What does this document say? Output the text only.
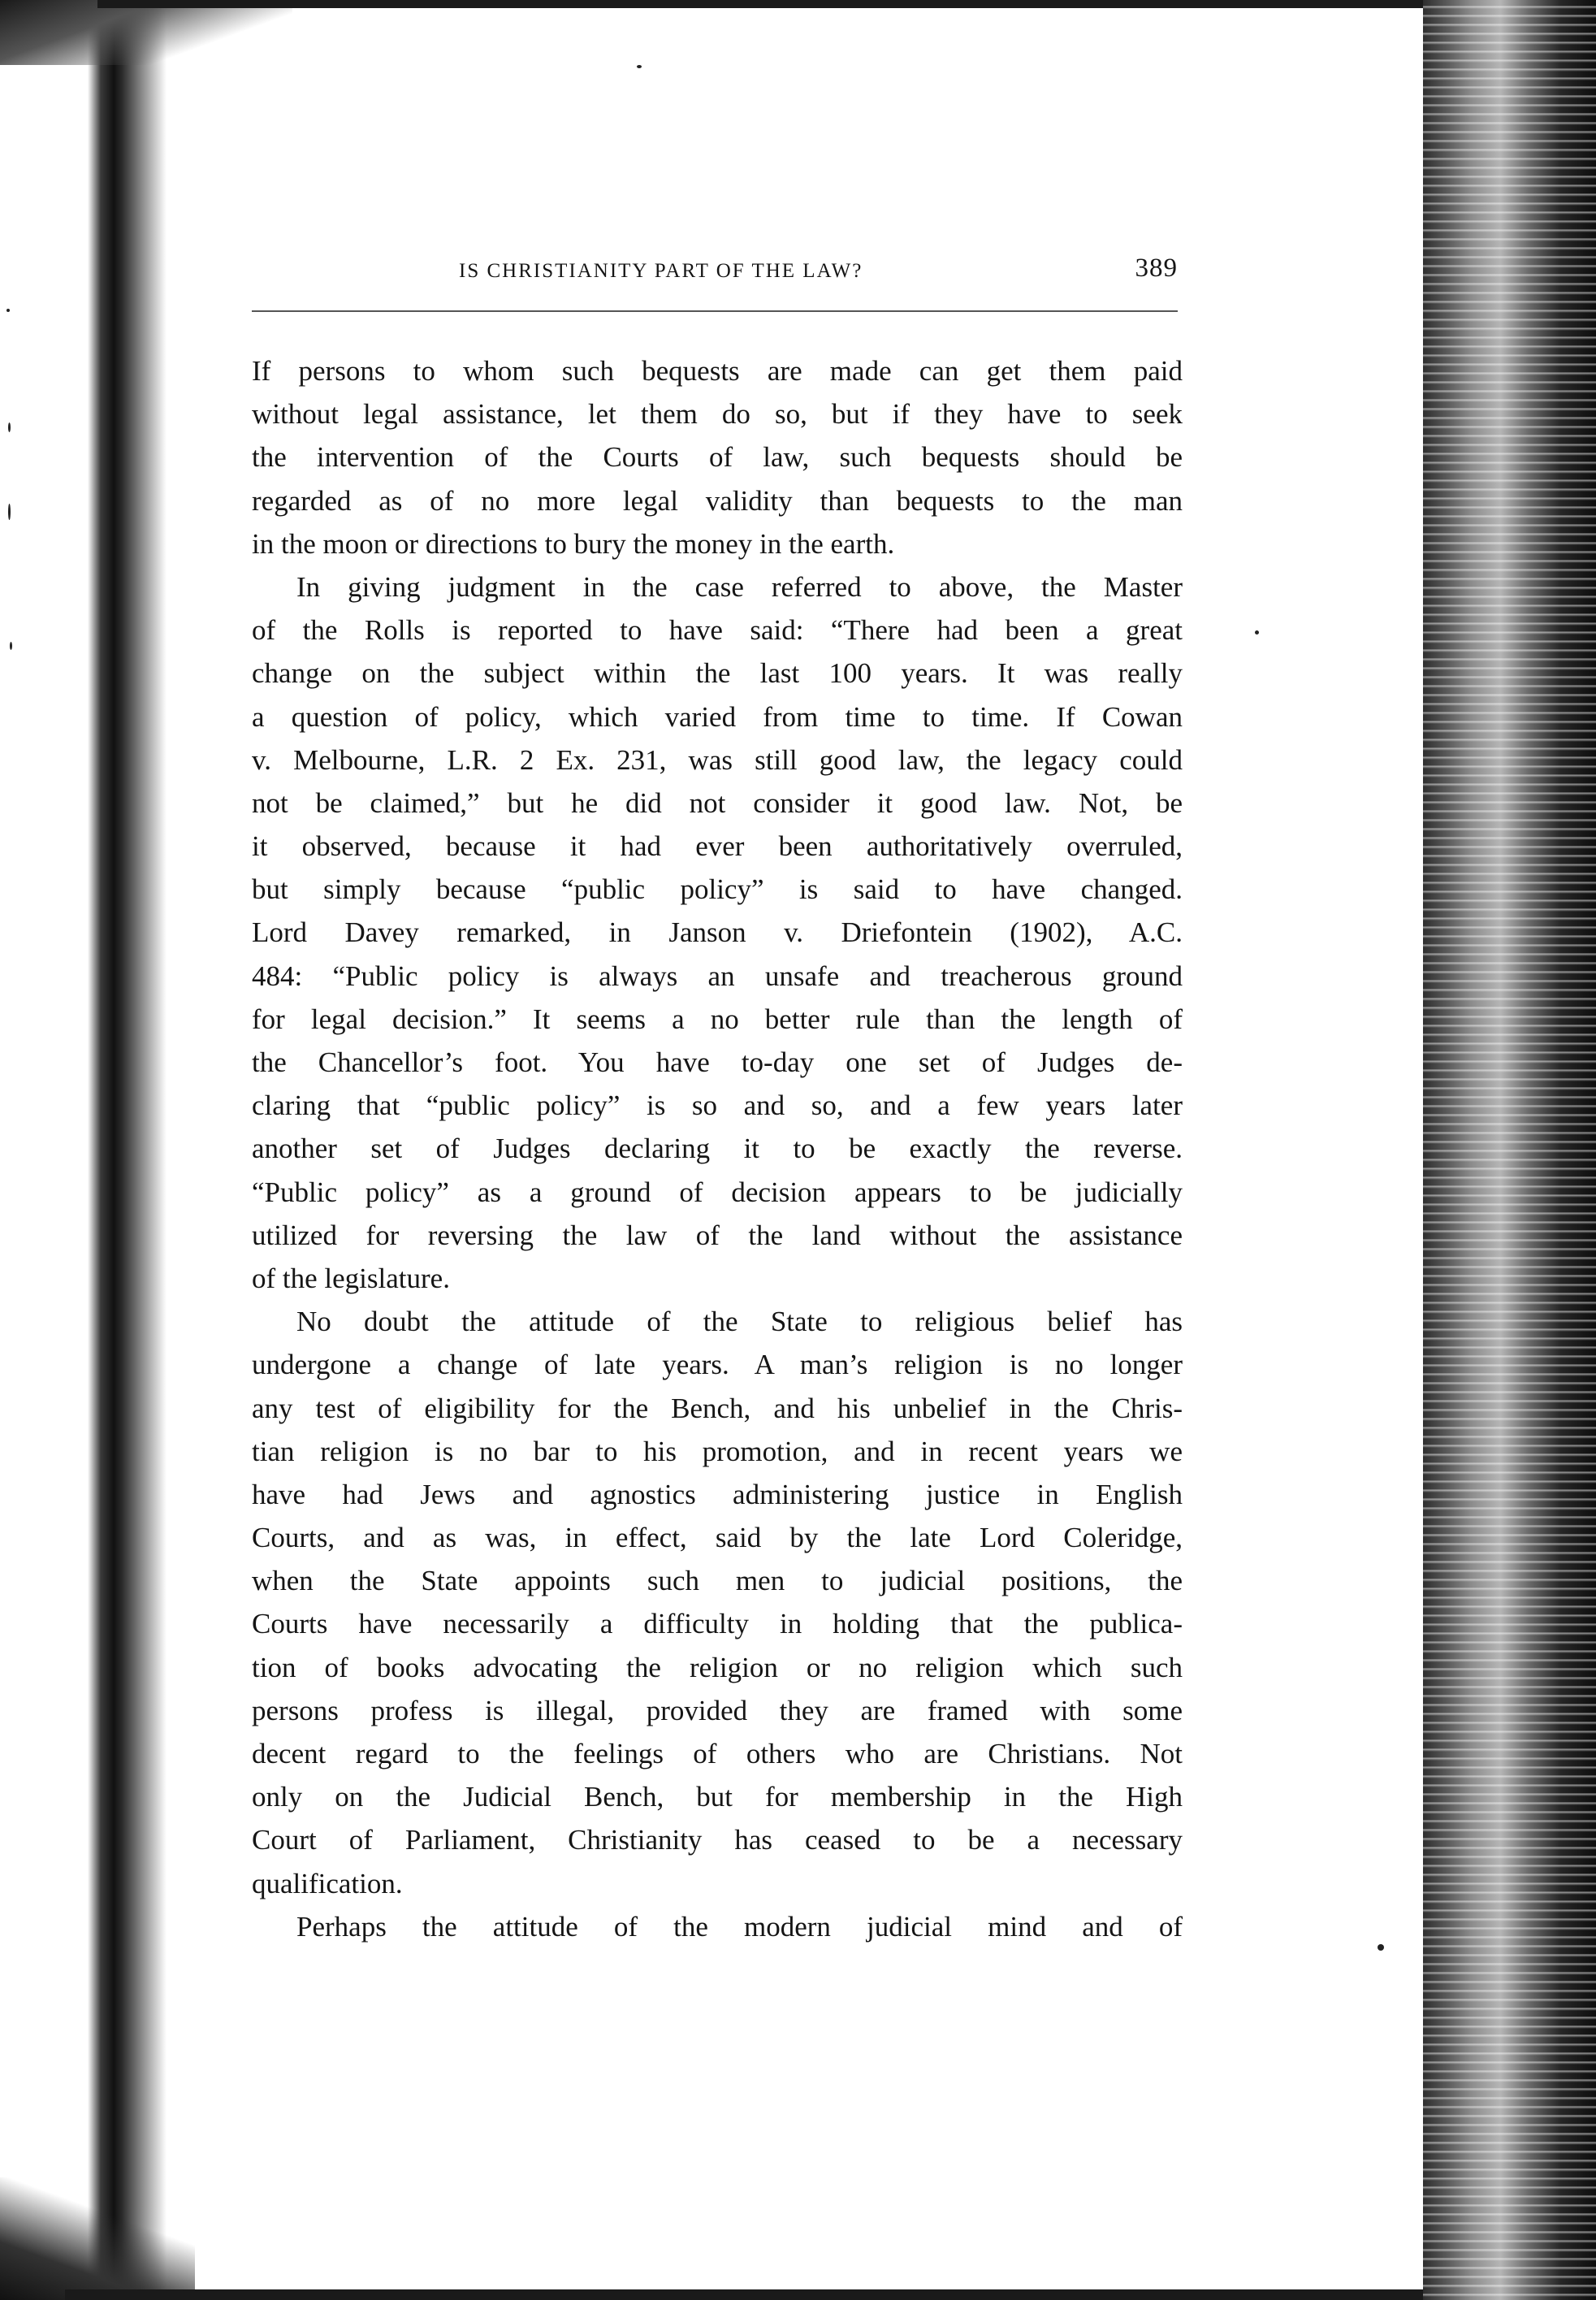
IS CHRISTIANITY PART OF THE LAW?	389
If persons to whom such bequests are made can get them paid
without legal assistance, let them do so, but if they have to seek
the intervention of the Courts of law, such bequests should be
regarded as of no more legal validity than bequests to the man
in the moon or directions to bury the money in the earth.
In giving judgment in the case referred to above, the Master
of the Rolls is reported to have said: “There had been a great
change on the subject within the last 100 years. It was really
a question of policy, which varied from time to time. If Cowan
v. Melbourne, L.R. 2 Ex. 231, was still good law, the legacy could
not be claimed,” but he did not consider it good law. Not, be
it observed, because it had ever been authoritatively overruled,
but simply because “public policy” is said to have changed.
Lord Davey remarked, in Janson v. Driefontein (1902), A.C.
484: “Public policy is always an unsafe and treacherous ground
for legal decision.” It seems a no better rule than the length of
the Chancellor’s foot. You have to-day one set of Judges de-
claring that “public policy” is so and so, and a few years later
another set of Judges declaring it to be exactly the reverse.
“Public policy” as a ground of decision appears to be judicially
utilized for reversing the law of the land without the assistance
of the legislature.
No doubt the attitude of the State to religious belief has
undergone a change of late years. A man’s religion is no longer
any test of eligibility for the Bench, and his unbelief in the Chris-
tian religion is no bar to his promotion, and in recent years we
have had Jews and agnostics administering justice in English
Courts, and as was, in effect, said by the late Lord Coleridge,
when the State appoints such men to judicial positions, the
Courts have necessarily a difficulty in holding that the publica-
tion of books advocating the religion or no religion which such
persons profess is illegal, provided they are framed with some
decent regard to the feelings of others who are Christians. Not
only on the Judicial Bench, but for membership in the High
Court of Parliament, Christianity has ceased to be a necessary
qualification.
Perhaps the attitude of the modern judicial mind and of
